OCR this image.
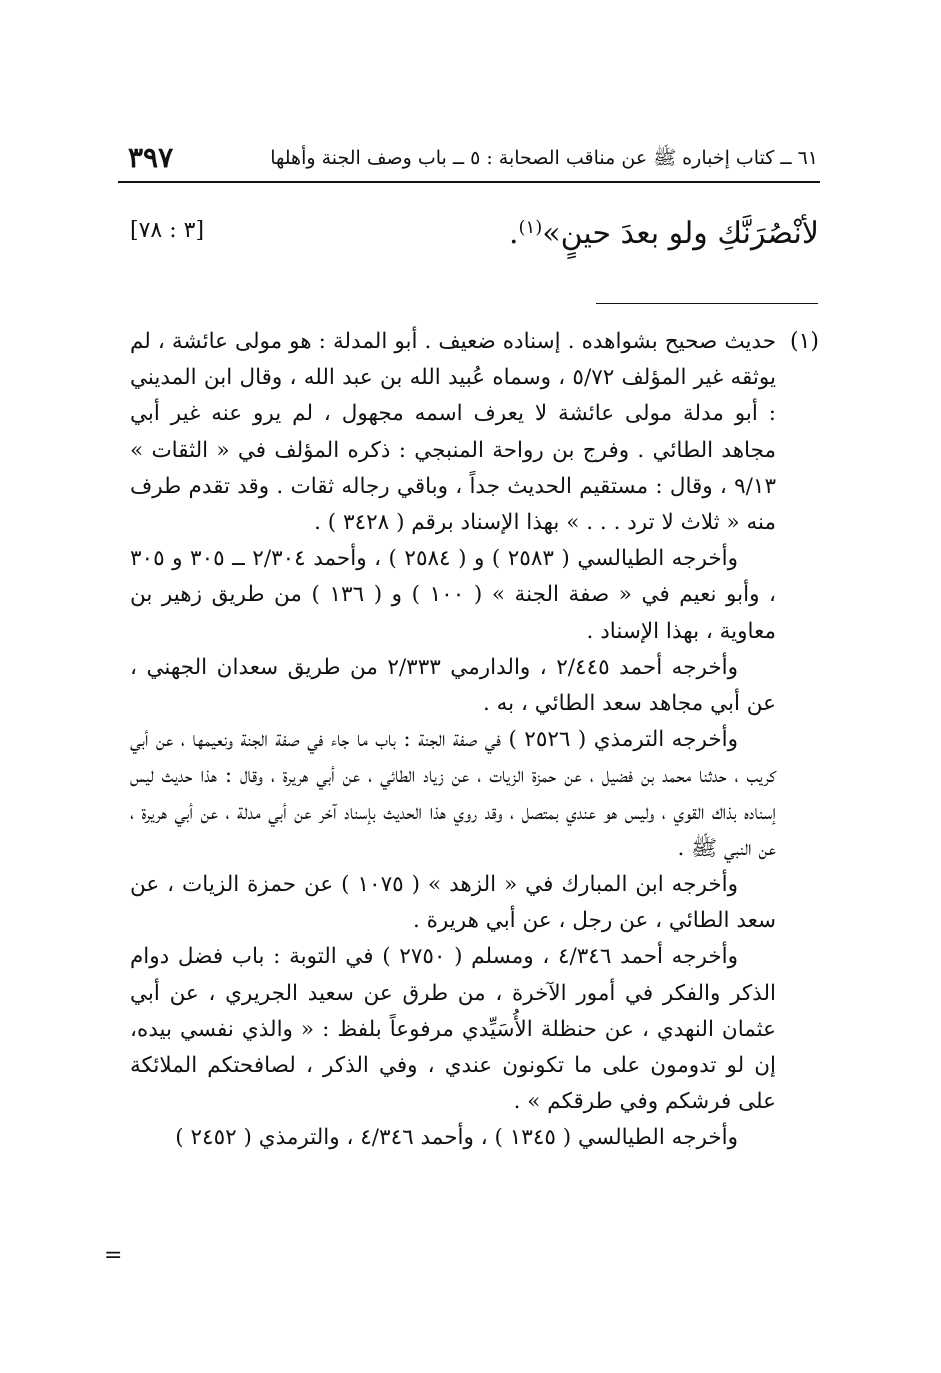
٣٩٧	٦١ ــ كتاب إخباره ﷺ عن مناقب الصحابة : ٥ ــ باب وصف الجنة وأهلها
لأنْصُرَنَّكِ ولو بعدَ حينٍ»$^{(١)}$.
[٣ : ٧٨]
(١)

حديث صحيح بشواهده . إسناده ضعيف . أبو المدلة : هو مولى عائشة ، لم يوثقه غير المؤلف ٥/٧٢ ، وسماه عُبيد الله بن عبد الله ، وقال ابن المديني : أبو مدلة مولى عائشة لا يعرف اسمه مجهول ، لم يرو عنه غير أبي مجاهد الطائي . وفرج بن رواحة المنبجي : ذكره المؤلف في « الثقات » ٩/١٣ ، وقال : مستقيم الحديث جداً ، وباقي رجاله ثقات . وقد تقدم طرف منه « ثلاث لا ترد . . . » بهذا الإسناد برقم ( ٣٤٢٨ ) .

وأخرجه الطيالسي ( ٢٥٨٣ ) و ( ٢٥٨٤ ) ، وأحمد ٢/٣٠٤ ــ ٣٠٥ و ٣٠٥ ، وأبو نعيم في « صفة الجنة » ( ١٠٠ ) و ( ١٣٦ ) من طريق زهير بن معاوية ، بهذا الإسناد .

وأخرجه أحمد ٢/٤٤٥ ، والدارمي ٢/٣٣٣ من طريق سعدان الجهني ، عن أبي مجاهد سعد الطائي ، به .

وأخرجه الترمذي ( ٢٥٢٦ ) في صفة الجنة : باب ما جاء في صفة الجنة ونعيمها ، عن أبي كريب ، حدثنا محمد بن فضيل ، عن حمزة الزيات ، عن زياد الطائي ، عن أبي هريرة ، وقال : هذا حديث ليس إسناده بذاك القوي ، وليس هو عندي بمتصل ، وقد روي هذا الحديث بإسناد آخر عن أبي مدلة ، عن أبي هريرة ، عن النبي ﷺ .

وأخرجه ابن المبارك في « الزهد » ( ١٠٧٥ ) عن حمزة الزيات ، عن سعد الطائي ، عن رجل ، عن أبي هريرة .

وأخرجه أحمد ٤/٣٤٦ ، ومسلم ( ٢٧٥٠ ) في التوبة : باب فضل دوام الذكر والفكر في أمور الآخرة ، من طرق عن سعيد الجريري ، عن أبي عثمان النهدي ، عن حنظلة الأُسَيِّدي مرفوعاً بلفظ : « والذي نفسي بيده، إن لو تدومون على ما تكونون عندي ، وفي الذكر ، لصافحتكم الملائكة على فرشكم وفي طرقكم » .

وأخرجه الطيالسي ( ١٣٤٥ ) ، وأحمد ٤/٣٤٦ ، والترمذي ( ٢٤٥٢ )

=
